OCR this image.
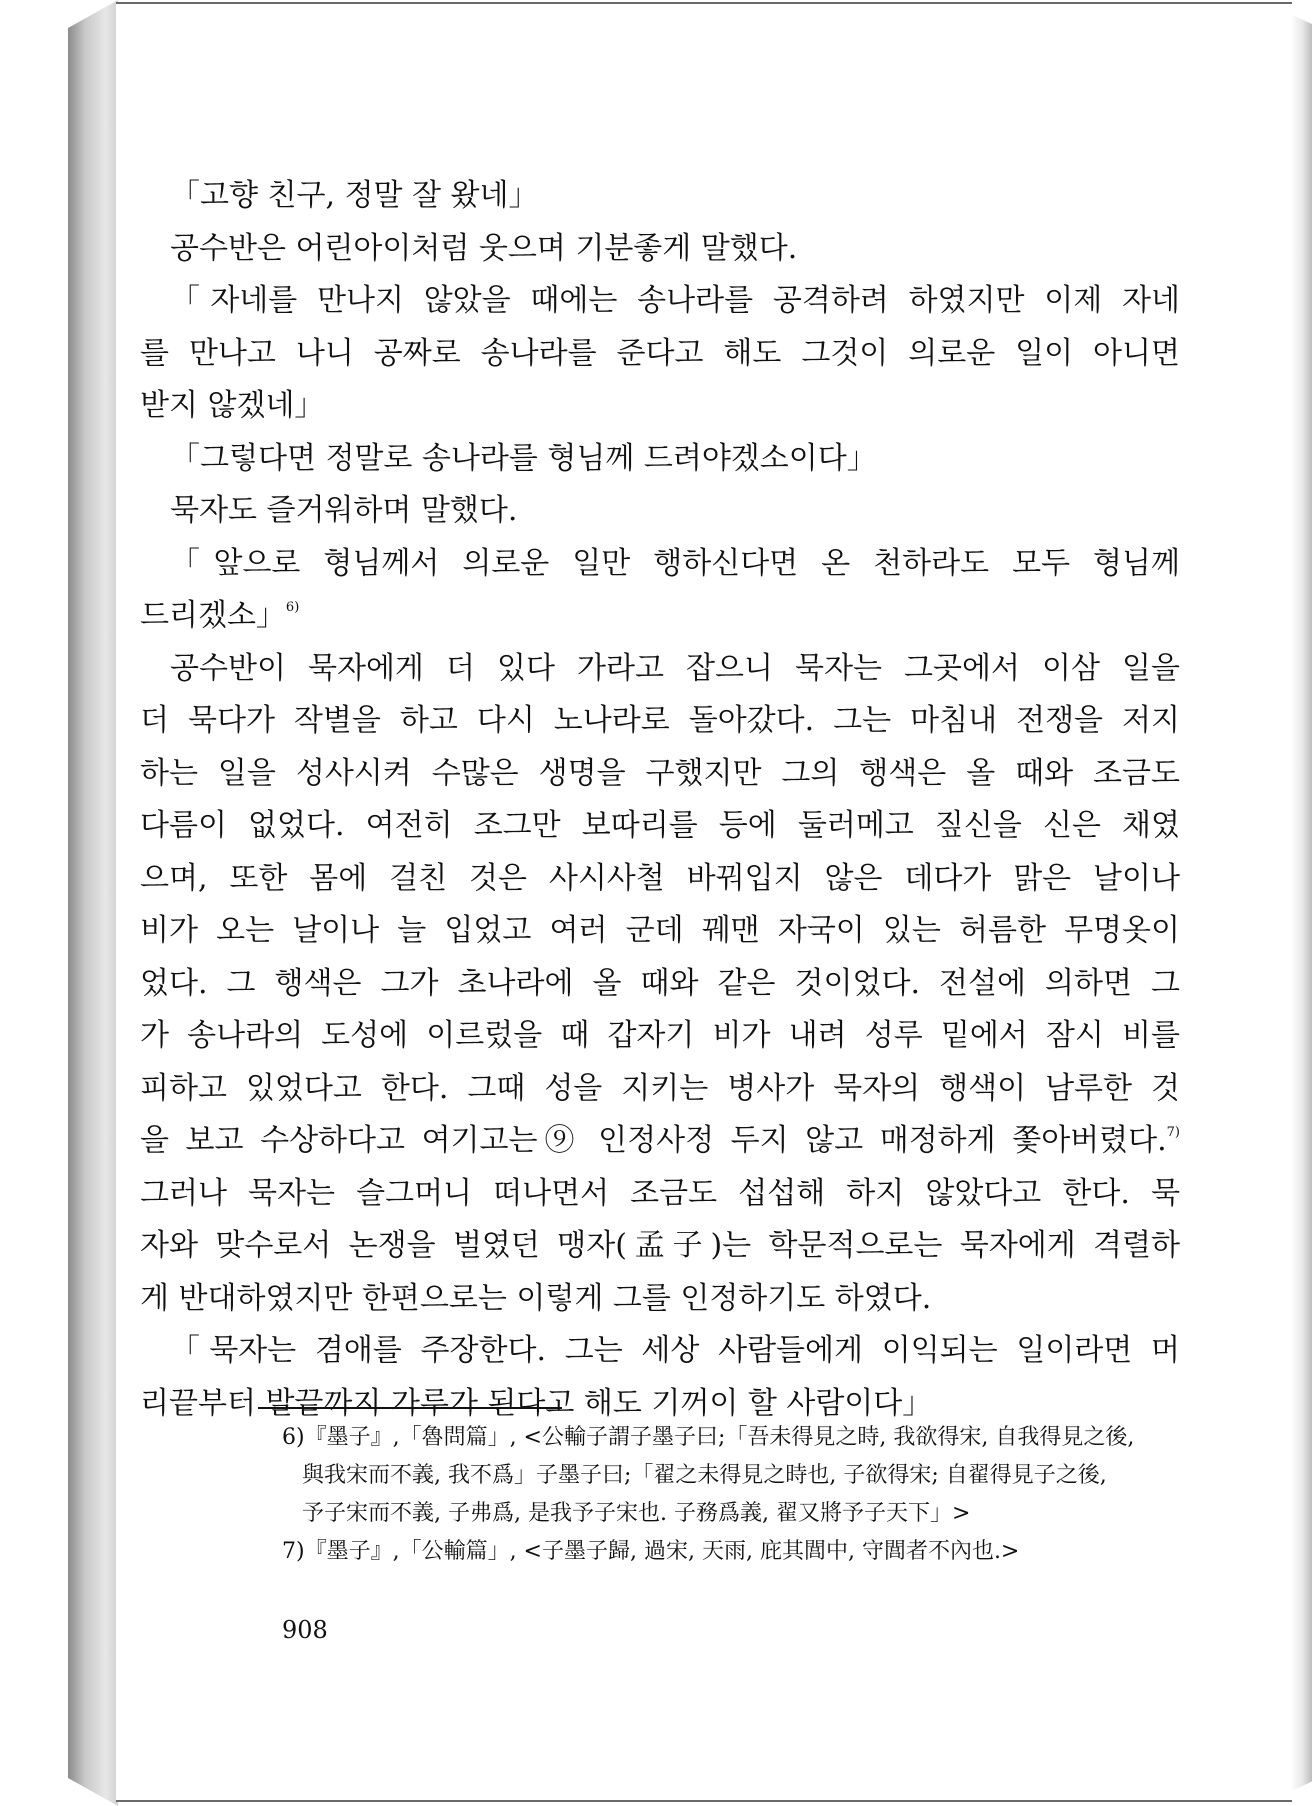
「고향 친구, 정말 잘 왔네」
공수반은 어린아이처럼 웃으며 기분좋게 말했다.
「자네를 만나지 않았을 때에는 송나라를 공격하려 하였지만 이제 자네
를 만나고 나니 공짜로 송나라를 준다고 해도 그것이 의로운 일이 아니면
받지 않겠네」
「그렇다면 정말로 송나라를 형님께 드려야겠소이다」
묵자도 즐거워하며 말했다.
「앞으로 형님께서 의로운 일만 행하신다면 온 천하라도 모두 형님께
드리겠소」$^{6)}$
공수반이 묵자에게 더 있다 가라고 잡으니 묵자는 그곳에서 이삼 일을
더 묵다가 작별을 하고 다시 노나라로 돌아갔다. 그는 마침내 전쟁을 저지
하는 일을 성사시켜 수많은 생명을 구했지만 그의 행색은 올 때와 조금도
다름이 없었다. 여전히 조그만 보따리를 등에 둘러메고 짚신을 신은 채였
으며, 또한 몸에 걸친 것은 사시사철 바꿔입지 않은 데다가 맑은 날이나
비가 오는 날이나 늘 입었고 여러 군데 꿰맨 자국이 있는 허름한 무명옷이
었다. 그 행색은 그가 초나라에 올 때와 같은 것이었다. 전설에 의하면 그
가 송나라의 도성에 이르렀을 때 갑자기 비가 내려 성루 밑에서 잠시 비를
피하고 있었다고 한다. 그때 성을 지키는 병사가 묵자의 행색이 남루한 것
을 보고 수상하다고 여기고는⑨ 인정사정 두지 않고 매정하게 쫓아버렸다.$^{7)}$
그러나 묵자는 슬그머니 떠나면서 조금도 섭섭해 하지 않았다고 한다. 묵
자와 맞수로서 논쟁을 벌였던 맹자(孟子)는 학문적으로는 묵자에게 격렬하
게 반대하였지만 한편으로는 이렇게 그를 인정하기도 하였다.
「묵자는 겸애를 주장한다. 그는 세상 사람들에게 이익되는 일이라면 머
리끝부터 발끝까지 가루가 된다고 해도 기꺼이 할 사람이다」
6)『墨子』,「魯問篇」, <公輸子謂子墨子曰;「吾未得見之時, 我欲得宋, 自我得見之後,
與我宋而不義, 我不爲」子墨子曰;「翟之未得見之時也, 子欲得宋; 自翟得見子之後,
予子宋而不義, 子弗爲, 是我予子宋也. 子務爲義, 翟又將予子天下」>
7)『墨子』,「公輸篇」, <子墨子歸, 過宋, 天雨, 庇其閭中, 守閭者不內也.>
908
